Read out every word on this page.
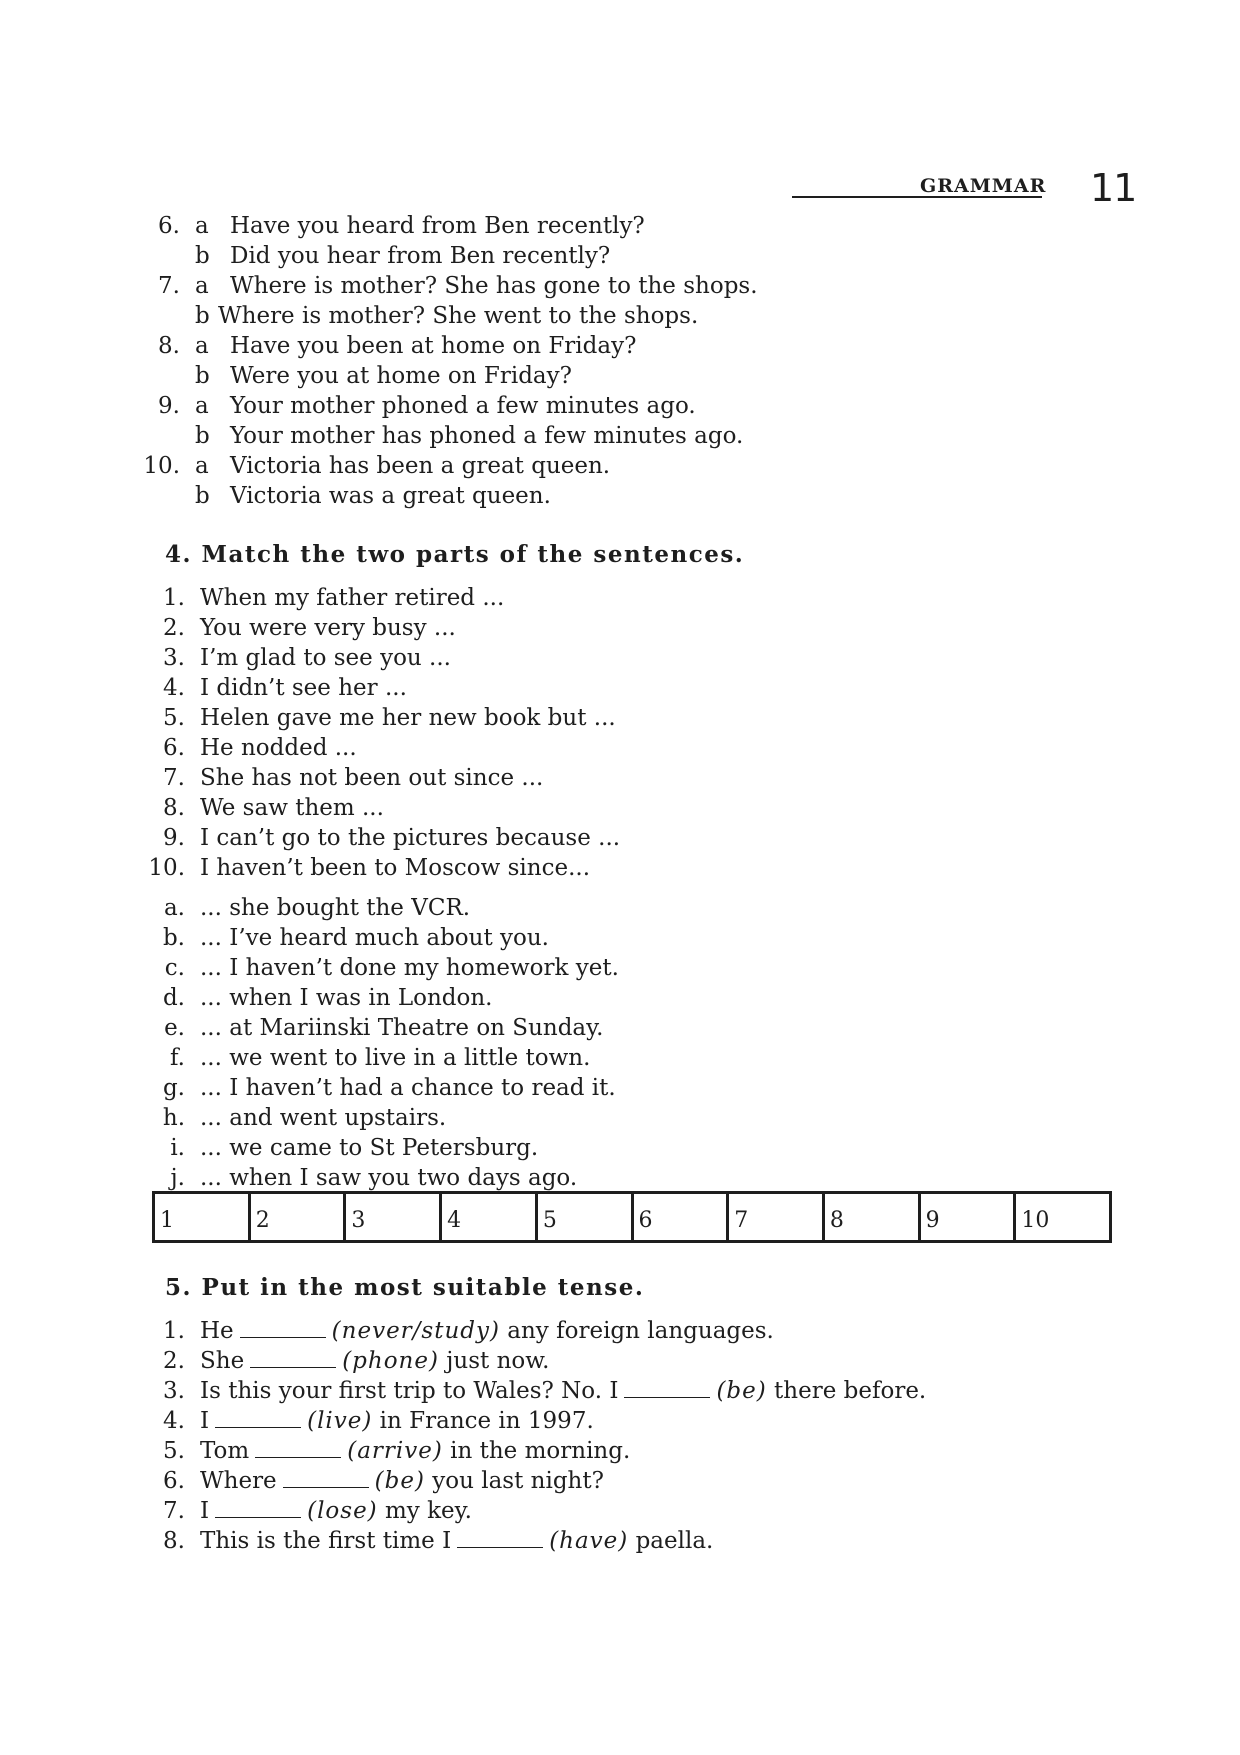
GRAMMAR 11
6. a Have you heard from Ben recently?
b Did you hear from Ben recently?
7. a Where is mother? She has gone to the shops.
b Where is mother? She went to the shops.
8. a Have you been at home on Friday?
b Were you at home on Friday?
9. a Your mother phoned a few minutes ago.
b Your mother has phoned a few minutes ago.
10. a Victoria has been a great queen.
b Victoria was a great queen.
4. Match the two parts of the sentences.
1. When my father retired ...
2. You were very busy ...
3. I’m glad to see you ...
4. I didn’t see her ...
5. Helen gave me her new book but ...
6. He nodded ...
7. She has not been out since ...
8. We saw them ...
9. I can’t go to the pictures because ...
10. I haven’t been to Moscow since...
a. ... she bought the VCR.
b. ... I’ve heard much about you.
c. ... I haven’t done my homework yet.
d. ... when I was in London.
e. ... at Mariinski Theatre on Sunday.
f. ... we went to live in a little town.
g. ... I haven’t had a chance to read it.
h. ... and went upstairs.
i. ... we came to St Petersburg.
j. ... when I saw you two days ago.
1	2	3	4	5	6	7	8	9	10
5. Put in the most suitable tense.
1. He	(never/study) any foreign languages.
2. She	(phone) just now.
3. Is this your first trip to Wales? No. I	(be) there before.
4. I	(live) in France in 1997.
5. Tom	(arrive) in the morning.
6. Where	(be) you last night?
7. I	(lose) my key.
8. This is the first time I	(have) paella.
